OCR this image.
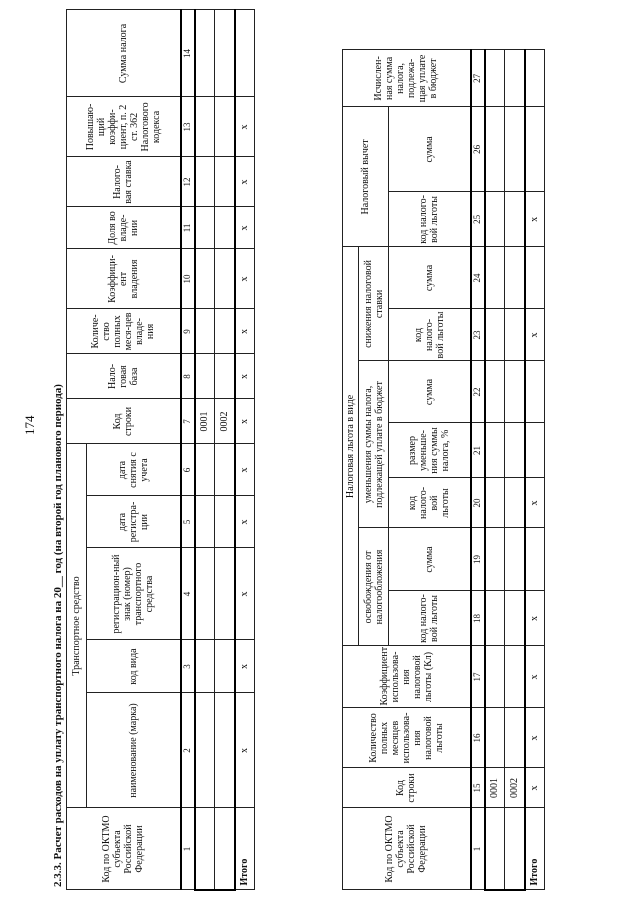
174 2.3.3. Расчет расходов на уплату транспортного налога на 20__ год (на второй год планового периода)	Код по ОКТМО субъекта Российской Федерации	Транспортное средство					Код строки	Нало-говая база	Количе-ство полных меся-цев владе-ния	Коэффици-ент владения	Доля во владе-нии	Налого-вая ставка	Повышаю-щий коэффи-циент, п. 2 ст. 362 Налогового кодекса	Сумма налога
	наименование (марка)	код вида	регистрацион-ный знак (номер) транспортного средства	дата регистра-ции	дата снятия с учета								
1	2	3	4	5	6	7	8	9	10	11	12	13	14
						0001							
						0002							
Итого	х	х	х	х	х	х	х	х	х	х	х	х	
Код по ОКТМО субъекта Российской Федерации	Код строки	Количество полных месяцев использова-ния налоговой льготы	Коэффициент использова-ния налоговой льготы (Кл)	Налоговая льгота в виде							Налоговый вычет		Исчислен-ная сумма налога, подлежа-щая уплате в бюджет
				освобождения от налогообложения		уменьшения суммы налога, подлежащей уплате в бюджет			снижения налоговой ставки				
				код налого-вой льготы	сумма	код налого-вой льготы	размер уменьше-ния суммы налога, %	сумма	код налого-вой льготы	сумма	код налого-вой льготы	сумма	
1	15	16	17	18	19	20	21	22	23	24	25	26	27
	0001												
	0002												
Итого	х	х	х	х		х			х		х		
